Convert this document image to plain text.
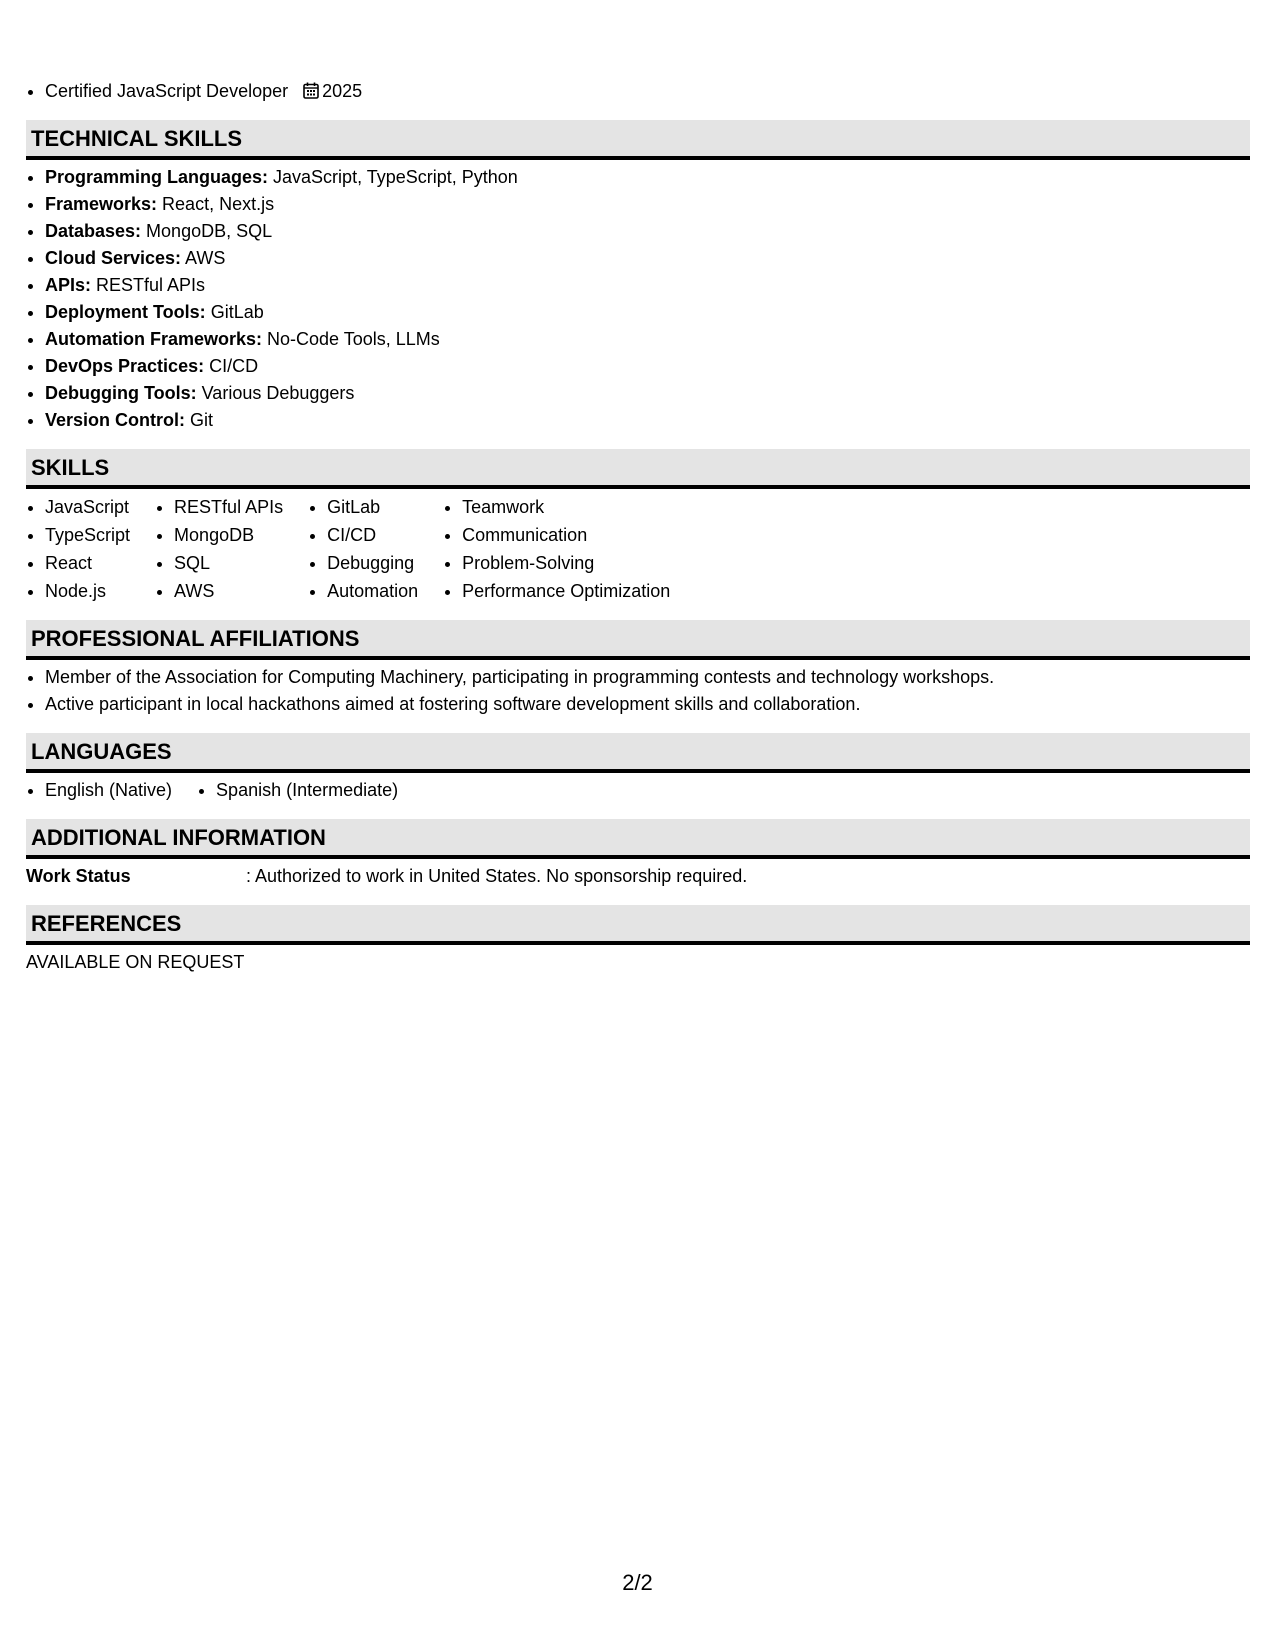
• Certified JavaScript Developer 2025
TECHNICAL SKILLS
• Programming Languages: JavaScript, TypeScript, Python
• Frameworks: React, Next.js
• Databases: MongoDB, SQL
• Cloud Services: AWS
• APIs: RESTful APIs
• Deployment Tools: GitLab
• Automation Frameworks: No-Code Tools, LLMs
• DevOps Practices: CI/CD
• Debugging Tools: Various Debuggers
• Version Control: Git
SKILLS
• JavaScript
• TypeScript
• React
• Node.js
• RESTful APIs
• MongoDB
• SQL
• AWS
• GitLab
• CI/CD
• Debugging
• Automation
• Teamwork
• Communication
• Problem-Solving
• Performance Optimization
PROFESSIONAL AFFILIATIONS
• Member of the Association for Computing Machinery, participating in programming contests and technology workshops.
• Active participant in local hackathons aimed at fostering software development skills and collaboration.
LANGUAGES
• English (Native)
• Spanish (Intermediate)
ADDITIONAL INFORMATION
Work Status	: Authorized to work in United States. No sponsorship required.
REFERENCES
AVAILABLE ON REQUEST
2/2
